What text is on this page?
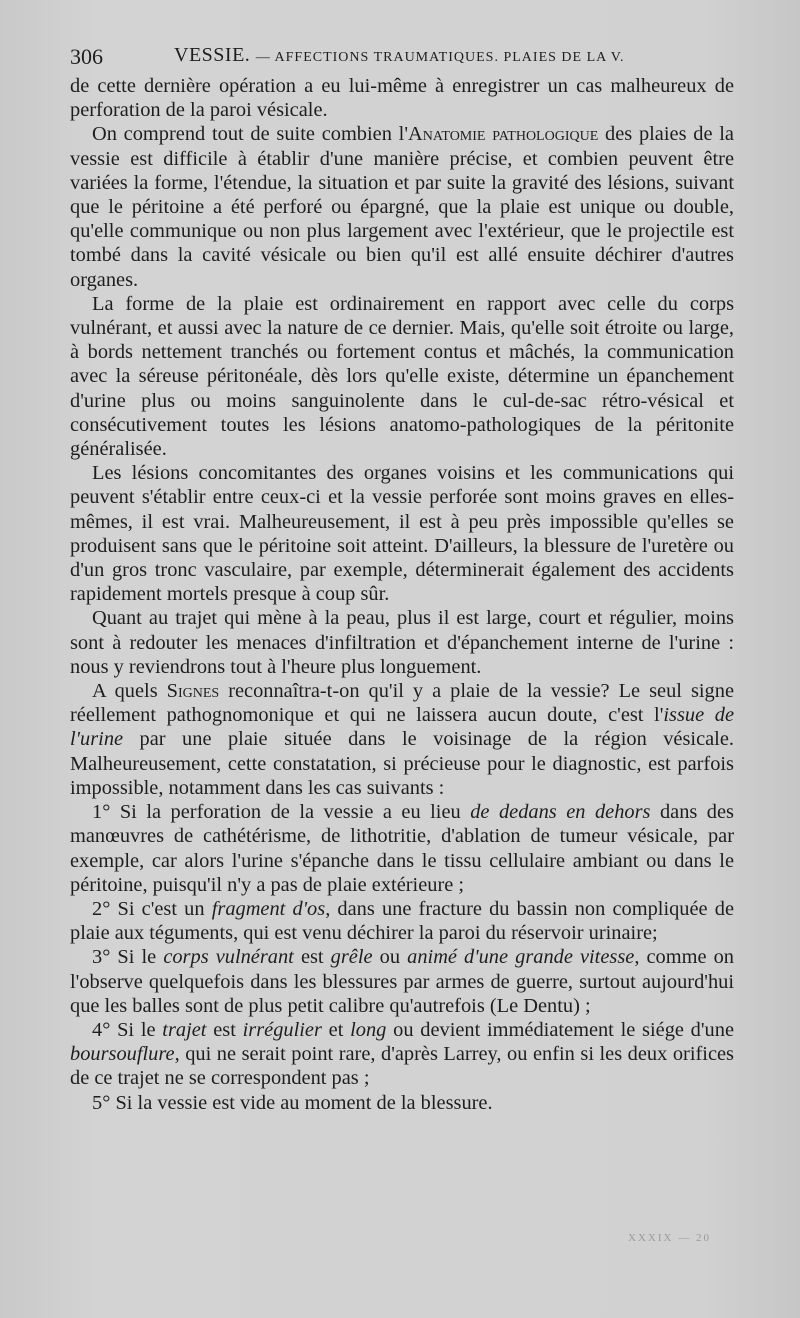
306	VESSIE. — AFFECTIONS TRAUMATIQUES. PLAIES DE LA V.

de cette dernière opération a eu lui-même à enregistrer un cas malheureux de perforation de la paroi vésicale.

On comprend tout de suite combien l'Anatomie pathologique des plaies de la vessie est difficile à établir d'une manière précise, et combien peuvent être variées la forme, l'étendue, la situation et par suite la gravité des lésions, suivant que le péritoine a été perforé ou épargné, que la plaie est unique ou double, qu'elle communique ou non plus largement avec l'extérieur, que le projectile est tombé dans la cavité vésicale ou bien qu'il est allé ensuite déchirer d'autres organes.

La forme de la plaie est ordinairement en rapport avec celle du corps vulnérant, et aussi avec la nature de ce dernier. Mais, qu'elle soit étroite ou large, à bords nettement tranchés ou fortement contus et mâchés, la communication avec la séreuse péritonéale, dès lors qu'elle existe, détermine un épanchement d'urine plus ou moins sanguinolente dans le cul-de-sac rétro-vésical et consécutivement toutes les lésions anatomo-pathologiques de la péritonite généralisée.

Les lésions concomitantes des organes voisins et les communications qui peuvent s'établir entre ceux-ci et la vessie perforée sont moins graves en elles-mêmes, il est vrai. Malheureusement, il est à peu près impossible qu'elles se produisent sans que le péritoine soit atteint. D'ailleurs, la blessure de l'uretère ou d'un gros tronc vasculaire, par exemple, déterminerait également des accidents rapidement mortels presque à coup sûr.

Quant au trajet qui mène à la peau, plus il est large, court et régulier, moins sont à redouter les menaces d'infiltration et d'épanchement interne de l'urine : nous y reviendrons tout à l'heure plus longuement.

A quels Signes reconnaîtra-t-on qu'il y a plaie de la vessie? Le seul signe réellement pathognomonique et qui ne laissera aucun doute, c'est l'issue de l'urine par une plaie située dans le voisinage de la région vésicale. Malheureusement, cette constatation, si précieuse pour le diagnostic, est parfois impossible, notamment dans les cas suivants :

1° Si la perforation de la vessie a eu lieu de dedans en dehors dans des manœuvres de cathétérisme, de lithotritie, d'ablation de tumeur vésicale, par exemple, car alors l'urine s'épanche dans le tissu cellulaire ambiant ou dans le péritoine, puisqu'il n'y a pas de plaie extérieure ;

2° Si c'est un fragment d'os, dans une fracture du bassin non compliquée de plaie aux téguments, qui est venu déchirer la paroi du réservoir urinaire;

3° Si le corps vulnérant est grêle ou animé d'une grande vitesse, comme on l'observe quelquefois dans les blessures par armes de guerre, surtout aujourd'hui que les balles sont de plus petit calibre qu'autrefois (Le Dentu) ;

4° Si le trajet est irrégulier et long ou devient immédiatement le siége d'une boursouflure, qui ne serait point rare, d'après Larrey, ou enfin si les deux orifices de ce trajet ne se correspondent pas ;

5° Si la vessie est vide au moment de la blessure.

XXXIX — 20
